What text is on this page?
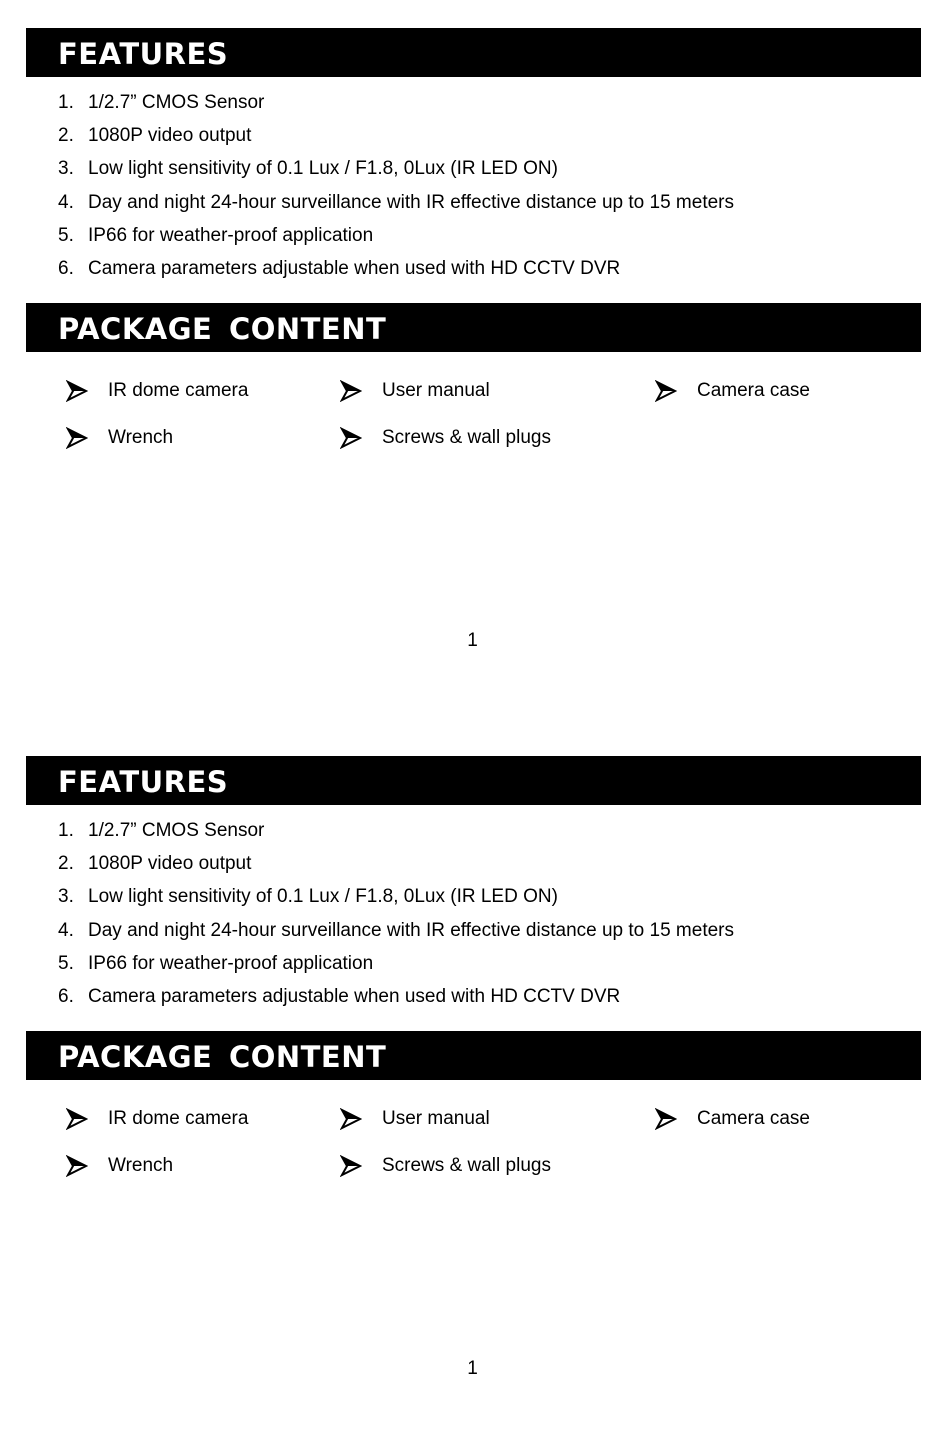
FEATURES
1. 1/2.7” CMOS Sensor
2. 1080P video output
3. Low light sensitivity of 0.1 Lux / F1.8, 0Lux (IR LED ON)
4. Day and night 24-hour surveillance with IR effective distance up to 15 meters
5. IP66 for weather-proof application
6. Camera parameters adjustable when used with HD CCTV DVR
PACKAGE CONTENT
IR dome camera	User manual	Camera case
Wrench	Screws & wall plugs
1
FEATURES
1. 1/2.7” CMOS Sensor
2. 1080P video output
3. Low light sensitivity of 0.1 Lux / F1.8, 0Lux (IR LED ON)
4. Day and night 24-hour surveillance with IR effective distance up to 15 meters
5. IP66 for weather-proof application
6. Camera parameters adjustable when used with HD CCTV DVR
PACKAGE CONTENT
IR dome camera	User manual	Camera case
Wrench	Screws & wall plugs
1
